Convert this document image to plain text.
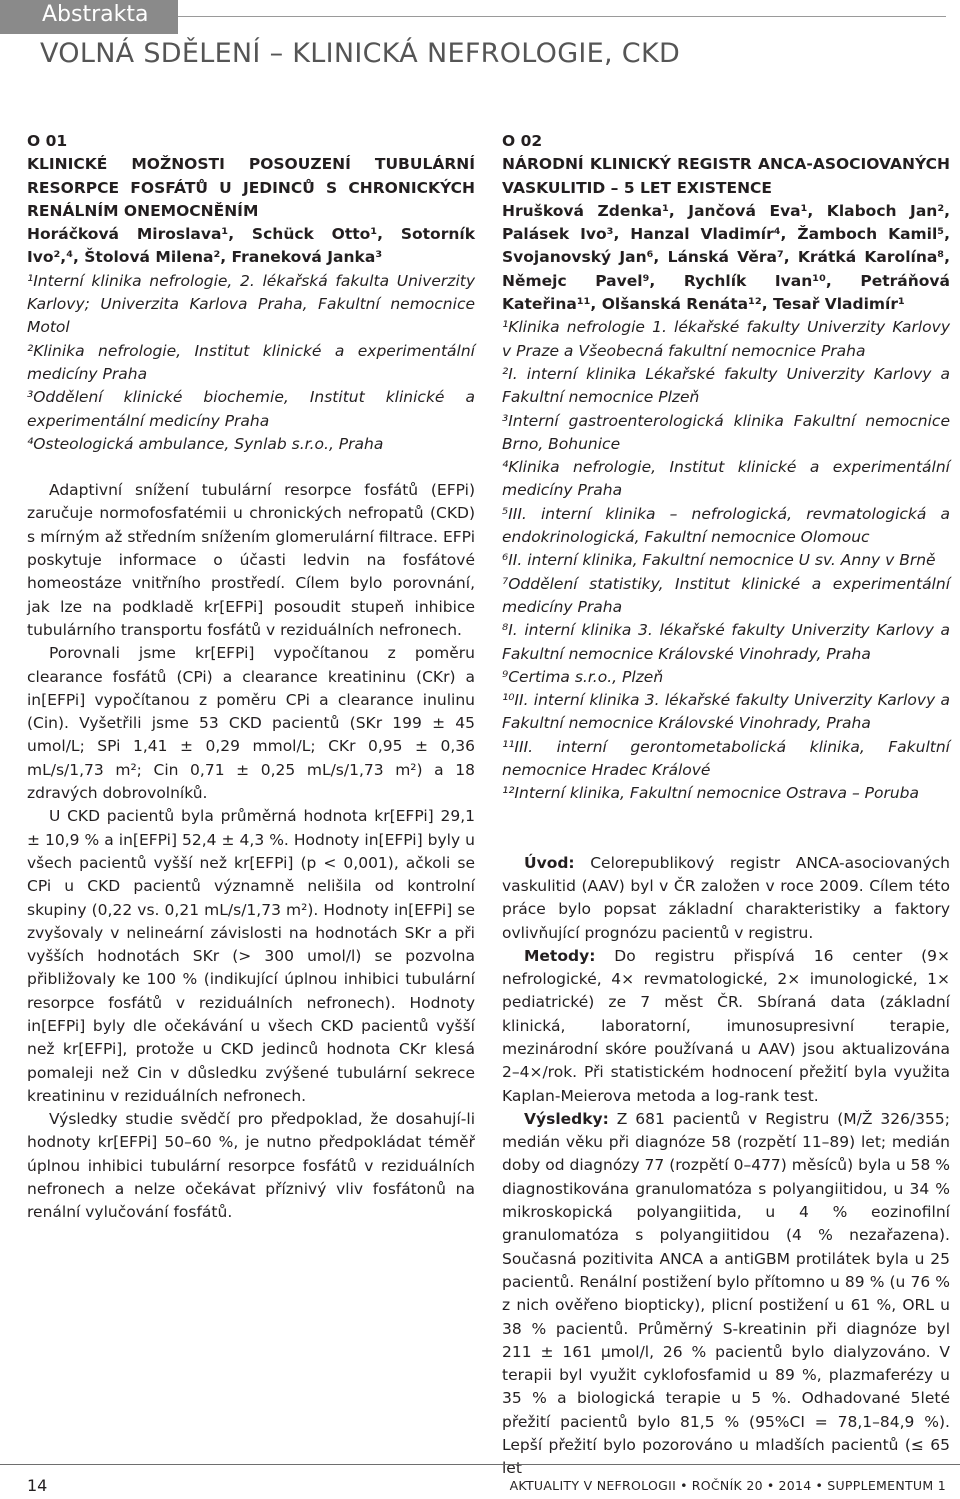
Abstrakta
VOLNÁ SDĚLENÍ – KLINICKÁ NEFROLOGIE, CKD

O 01

KLINICKÉ MOŽNOSTI POSOUZENÍ TUBULÁRNÍ RESORPCE FOSFÁTŮ U JEDINCŮ S CHRONICKÝCH RENÁLNÍM ONEMOCNĚNÍM

Horáčková Miroslava¹, Schück Otto¹, Sotorník Ivo²,⁴, Štolová Milena², Franeková Janka³

¹Interní klinika nefrologie, 2. lékařská fakulta Univerzity Karlovy; Univerzita Karlova Praha, Fakultní nemocnice Motol

²Klinika nefrologie, Institut klinické a experimentální medicíny Praha

³Oddělení klinické biochemie, Institut klinické a experimentální medicíny Praha

⁴Osteologická ambulance, Synlab s.r.o., Praha

Adaptivní snížení tubulární resorpce fosfátů (EFPi) zaručuje normofosfatémii u chronických nefropatů (CKD) s mírným až středním snížením glomerulární filtrace. EFPi poskytuje informace o účasti ledvin na fosfátové homeostáze vnitřního prostředí. Cílem bylo porovnání, jak lze na podkladě kr[EFPi] posoudit stupeň inhibice tubulárního transportu fosfátů v reziduálních nefronech.

Porovnali jsme kr[EFPi] vypočítanou z poměru clearance fosfátů (CPi) a clearance kreatininu (CKr) a in[EFPi] vypočítanou z poměru CPi a clearance inulinu (Cin). Vyšetřili jsme 53 CKD pacientů (SKr 199 ± 45 umol/L; SPi 1,41 ± 0,29 mmol/L; CKr 0,95 ± 0,36 mL/s/1,73 m²; Cin 0,71 ± 0,25 mL/s/1,73 m²) a 18 zdravých dobrovolníků.

U CKD pacientů byla průměrná hodnota kr[EFPi] 29,1 ± 10,9 % a in[EFPi] 52,4 ± 4,3 %. Hodnoty in[EFPi] byly u všech pacientů vyšší než kr[EFPi] (p < 0,001), ačkoli se CPi u CKD pacientů významně nelišila od kontrolní skupiny (0,22 vs. 0,21 mL/s/1,73 m²). Hodnoty in[EFPi] se zvyšovaly v nelineární závislosti na hodnotách SKr a při vyšších hodnotách SKr (> 300 umol/l) se pozvolna přibližovaly ke 100 % (indikující úplnou inhibici tubulární resorpce fosfátů v reziduálních nefronech). Hodnoty in[EFPi] byly dle očekávání u všech CKD pacientů vyšší než kr[EFPi], protože u CKD jedinců hodnota CKr klesá pomaleji než Cin v důsledku zvýšené tubulární sekrece kreatininu v reziduálních nefronech.

Výsledky studie svědčí pro předpoklad, že dosahují-li hodnoty kr[EFPi] 50–60 %, je nutno předpokládat téměř úplnou inhibici tubulární resorpce fosfátů v reziduálních nefronech a nelze očekávat příznivý vliv fosfátonů na renální vylučování fosfátů.

O 02

NÁRODNÍ KLINICKÝ REGISTR ANCA-ASOCIOVANÝCH VASKULITID – 5 LET EXISTENCE

Hrušková Zdenka¹, Jančová Eva¹, Klaboch Jan², Palásek Ivo³, Hanzal Vladimír⁴, Žamboch Kamil⁵, Svojanovský Jan⁶, Lánská Věra⁷, Krátká Karolína⁸, Němejc Pavel⁹, Rychlík Ivan¹⁰, Petráňová Kateřina¹¹, Olšanská Renáta¹², Tesař Vladimír¹

¹Klinika nefrologie 1. lékařské fakulty Univerzity Karlovy v Praze a Všeobecná fakultní nemocnice Praha

²I. interní klinika Lékařské fakulty Univerzity Karlovy a Fakultní nemocnice Plzeň

³Interní gastroenterologická klinika Fakultní nemocnice Brno, Bohunice

⁴Klinika nefrologie, Institut klinické a experimentální medicíny Praha

⁵III. interní klinika – nefrologická, revmatologická a endokrinologická, Fakultní nemocnice Olomouc

⁶II. interní klinika, Fakultní nemocnice U sv. Anny v Brně

⁷Oddělení statistiky, Institut klinické a experimentální medicíny Praha

⁸I. interní klinika 3. lékařské fakulty Univerzity Karlovy a Fakultní nemocnice Královské Vinohrady, Praha

⁹Certima s.r.o., Plzeň

¹⁰II. interní klinika 3. lékařské fakulty Univerzity Karlovy a Fakultní nemocnice Královské Vinohrady, Praha

¹¹III. interní gerontometabolická klinika, Fakultní nemocnice Hradec Králové

¹²Interní klinika, Fakultní nemocnice Ostrava – Poruba

Úvod: Celorepublikový registr ANCA-asociovaných vaskulitid (AAV) byl v ČR založen v roce 2009. Cílem této práce bylo popsat základní charakteristiky a faktory ovlivňující prognózu pacientů v registru.

Metody: Do registru přispívá 16 center (9× nefrologické, 4× revmatologické, 2× imunologické, 1× pediatrické) ze 7 měst ČR. Sbíraná data (základní klinická, laboratorní, imunosupresivní terapie, mezinárodní skóre používaná u AAV) jsou aktualizována 2–4×/rok. Při statistickém hodnocení přežití byla využita Kaplan-Meierova metoda a log-rank test.

Výsledky: Z 681 pacientů v Registru (M/Ž 326/355; medián věku při diagnóze 58 (rozpětí 11–89) let; medián doby od diagnózy 77 (rozpětí 0–477) měsíců) byla u 58 % diagnostikována granulomatóza s polyangiitidou, u 34 % mikroskopická polyangiitida, u 4 % eozinofilní granulomatóza s polyangiitidou (4 % nezařazena). Současná pozitivita ANCA a antiGBM protilátek byla u 25 pacientů. Renální postižení bylo přítomno u 89 % (u 76 % z nich ověřeno biopticky), plicní postižení u 61 %, ORL u 38 % pacientů. Průměrný S-kreatinin při diagnóze byl 211 ± 161 μmol/l, 26 % pacientů bylo dialyzováno. V terapii byl využit cyklofosfamid u 89 %, plazmaferézy u 35 % a biologická terapie u 5 %. Odhadované 5leté přežití pacientů bylo 81,5 % (95%CI = 78,1–84,9 %). Lepší přežití bylo pozorováno u mladších pacientů (≤ 65 let

14	AKTUALITY V NEFROLOGII • ROČNÍK 20 • 2014 • SUPPLEMENTUM 1
